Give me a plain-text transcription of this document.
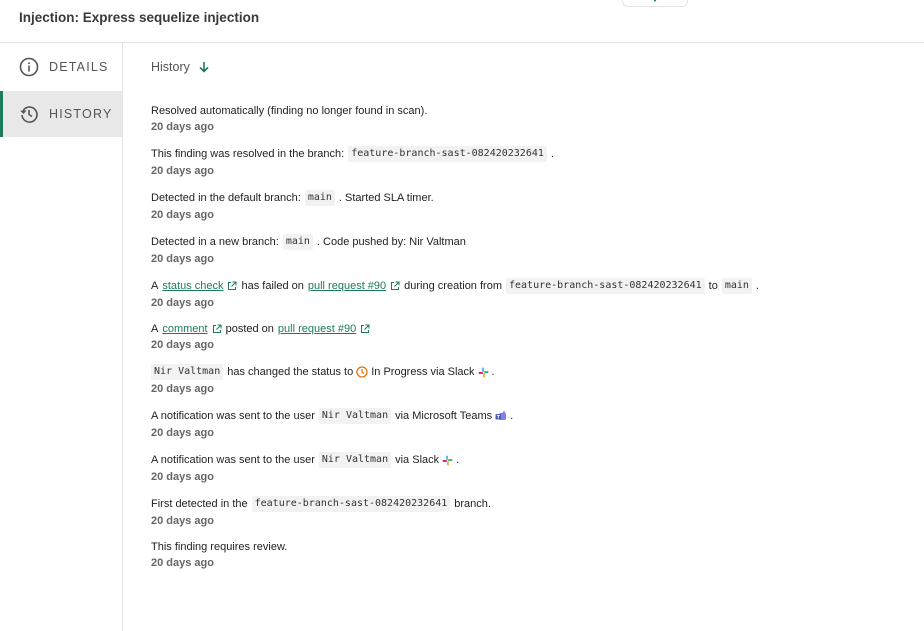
Injection: Express sequelize injection
DETAILS
HISTORY
History
Resolved automatically (finding no longer found in scan).
20 days ago
This finding was resolved in the branch: feature-branch-sast-082420232641 .
20 days ago
Detected in the default branch: main . Started SLA timer.
20 days ago
Detected in a new branch: main . Code pushed by: Nir Valtman
20 days ago
A status check has failed on pull request #90 during creation from feature-branch-sast-082420232641 to main .
20 days ago
A comment posted on pull request #90
20 days ago
Nir Valtman has changed the status to In Progress via Slack .
20 days ago
A notification was sent to the user Nir Valtman via Microsoft Teams .
20 days ago
A notification was sent to the user Nir Valtman via Slack .
20 days ago
First detected in the feature-branch-sast-082420232641 branch.
20 days ago
This finding requires review.
20 days ago
